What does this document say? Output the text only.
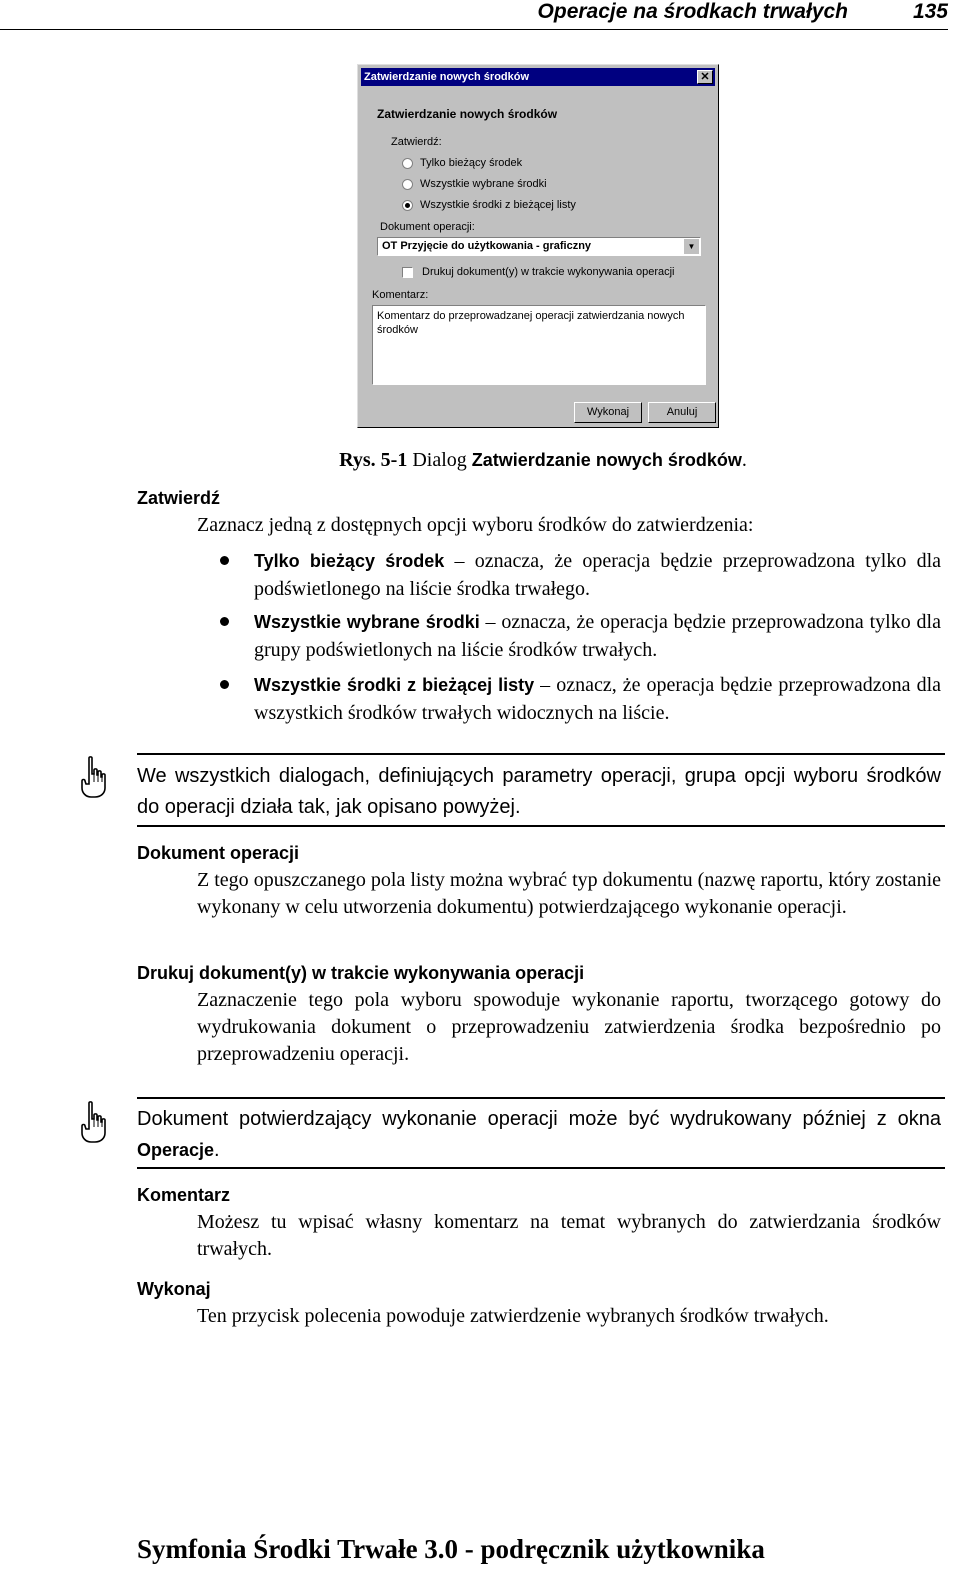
Operacje na środkach trwałych	135
Zatwierdzanie nowych środków	✕
Zatwierdzanie nowych środków
Zatwierdź:
Tylko bieżący środek
Wszystkie wybrane środki
Wszystkie środki z bieżącej listy
Dokument operacji:
OT Przyjęcie do użytkowania - graficzny	▼
Drukuj dokument(y) w trakcie wykonywania operacji
Komentarz:
Komentarz do przeprowadzanej operacji zatwierdzania nowych środków
Wykonaj	Anuluj
Rys. 5-1 Dialog Zatwierdzanie nowych środków.
Zatwierdź
Zaznacz jedną z dostępnych opcji wyboru środków do zatwierdzenia:
Tylko bieżący środek – oznacza, że operacja będzie przeprowadzona tylko dla podświetlonego na liście środka trwałego.
Wszystkie wybrane środki – oznacza, że operacja będzie przeprowadzona tylko dla grupy podświetlonych na liście środków trwałych.
Wszystkie środki z bieżącej listy – oznacz, że operacja będzie przeprowadzona dla wszystkich środków trwałych widocznych na liście.
We wszystkich dialogach, definiujących parametry operacji, grupa opcji wyboru środków do operacji działa tak, jak opisano powyżej.
Dokument operacji
Z tego opuszczanego pola listy można wybrać typ dokumentu (nazwę raportu, który zostanie wykonany w celu utworzenia dokumentu) potwierdzającego wykonanie operacji.
Drukuj dokument(y) w trakcie wykonywania operacji
Zaznaczenie tego pola wyboru spowoduje wykonanie raportu, tworzącego gotowy do wydrukowania dokument o przeprowadzeniu zatwierdzenia środka bezpośrednio po przeprowadzeniu operacji.
Dokument potwierdzający wykonanie operacji może być wydrukowany później z okna Operacje.
Komentarz
Możesz tu wpisać własny komentarz na temat wybranych do zatwierdzania środków trwałych.
Wykonaj
Ten przycisk polecenia powoduje zatwierdzenie wybranych środków trwałych.
Symfonia Środki Trwałe 3.0 - podręcznik użytkownika
